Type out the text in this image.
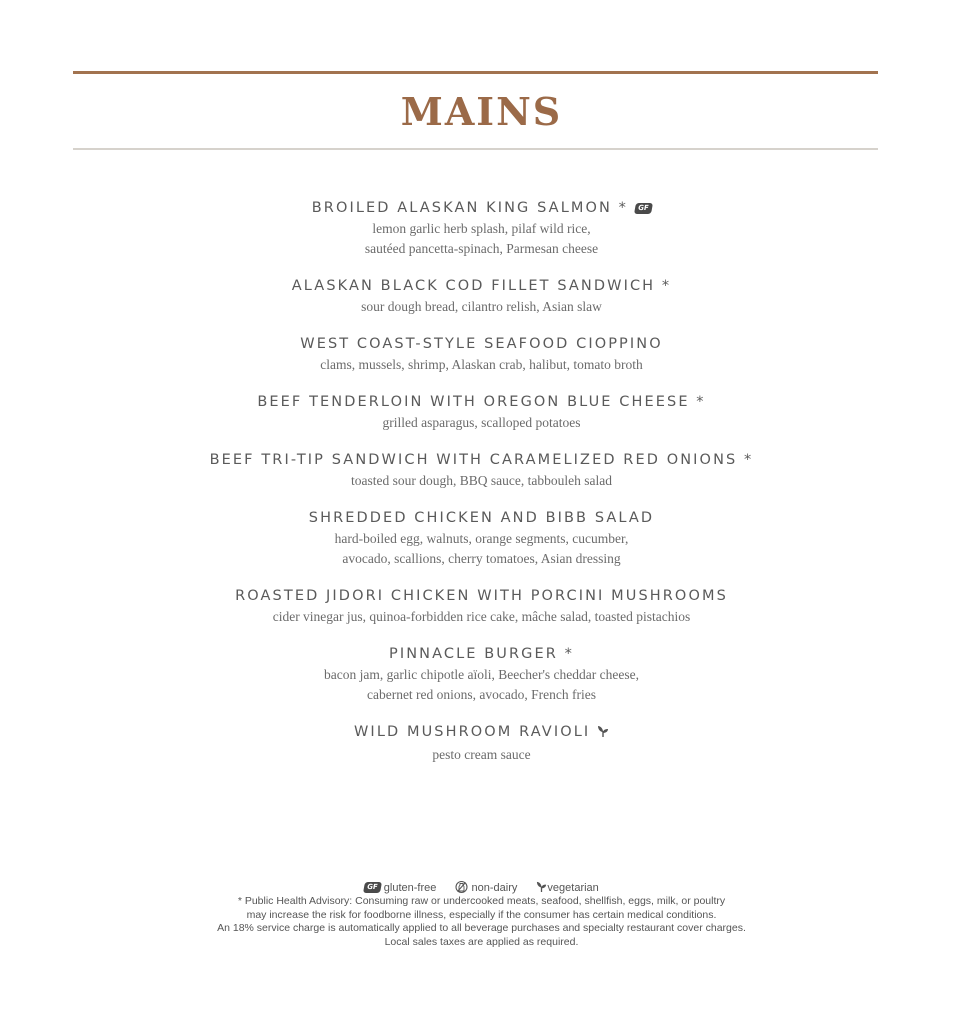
MAINS
BROILED ALASKAN KING SALMON * GF
lemon garlic herb splash, pilaf wild rice,
sautéed pancetta-spinach, Parmesan cheese
ALASKAN BLACK COD FILLET SANDWICH *
sour dough bread, cilantro relish, Asian slaw
WEST COAST-STYLE SEAFOOD CIOPPINO
clams, mussels, shrimp, Alaskan crab, halibut, tomato broth
BEEF TENDERLOIN WITH OREGON BLUE CHEESE *
grilled asparagus, scalloped potatoes
BEEF TRI-TIP SANDWICH WITH CARAMELIZED RED ONIONS *
toasted sour dough, BBQ sauce, tabbouleh salad
SHREDDED CHICKEN AND BIBB SALAD
hard-boiled egg, walnuts, orange segments, cucumber,
avocado, scallions, cherry tomatoes, Asian dressing
ROASTED JIDORI CHICKEN WITH PORCINI MUSHROOMS
cider vinegar jus, quinoa-forbidden rice cake, mâche salad, toasted pistachios
PINNACLE BURGER *
bacon jam, garlic chipotle aïoli, Beecher's cheddar cheese,
cabernet red onions, avocado, French fries
WILD MUSHROOM RAVIOLI
pesto cream sauce
GF gluten-free	non-dairy	vegetarian
* Public Health Advisory: Consuming raw or undercooked meats, seafood, shellfish, eggs, milk, or poultry
may increase the risk for foodborne illness, especially if the consumer has certain medical conditions.
An 18% service charge is automatically applied to all beverage purchases and specialty restaurant cover charges.
Local sales taxes are applied as required.
